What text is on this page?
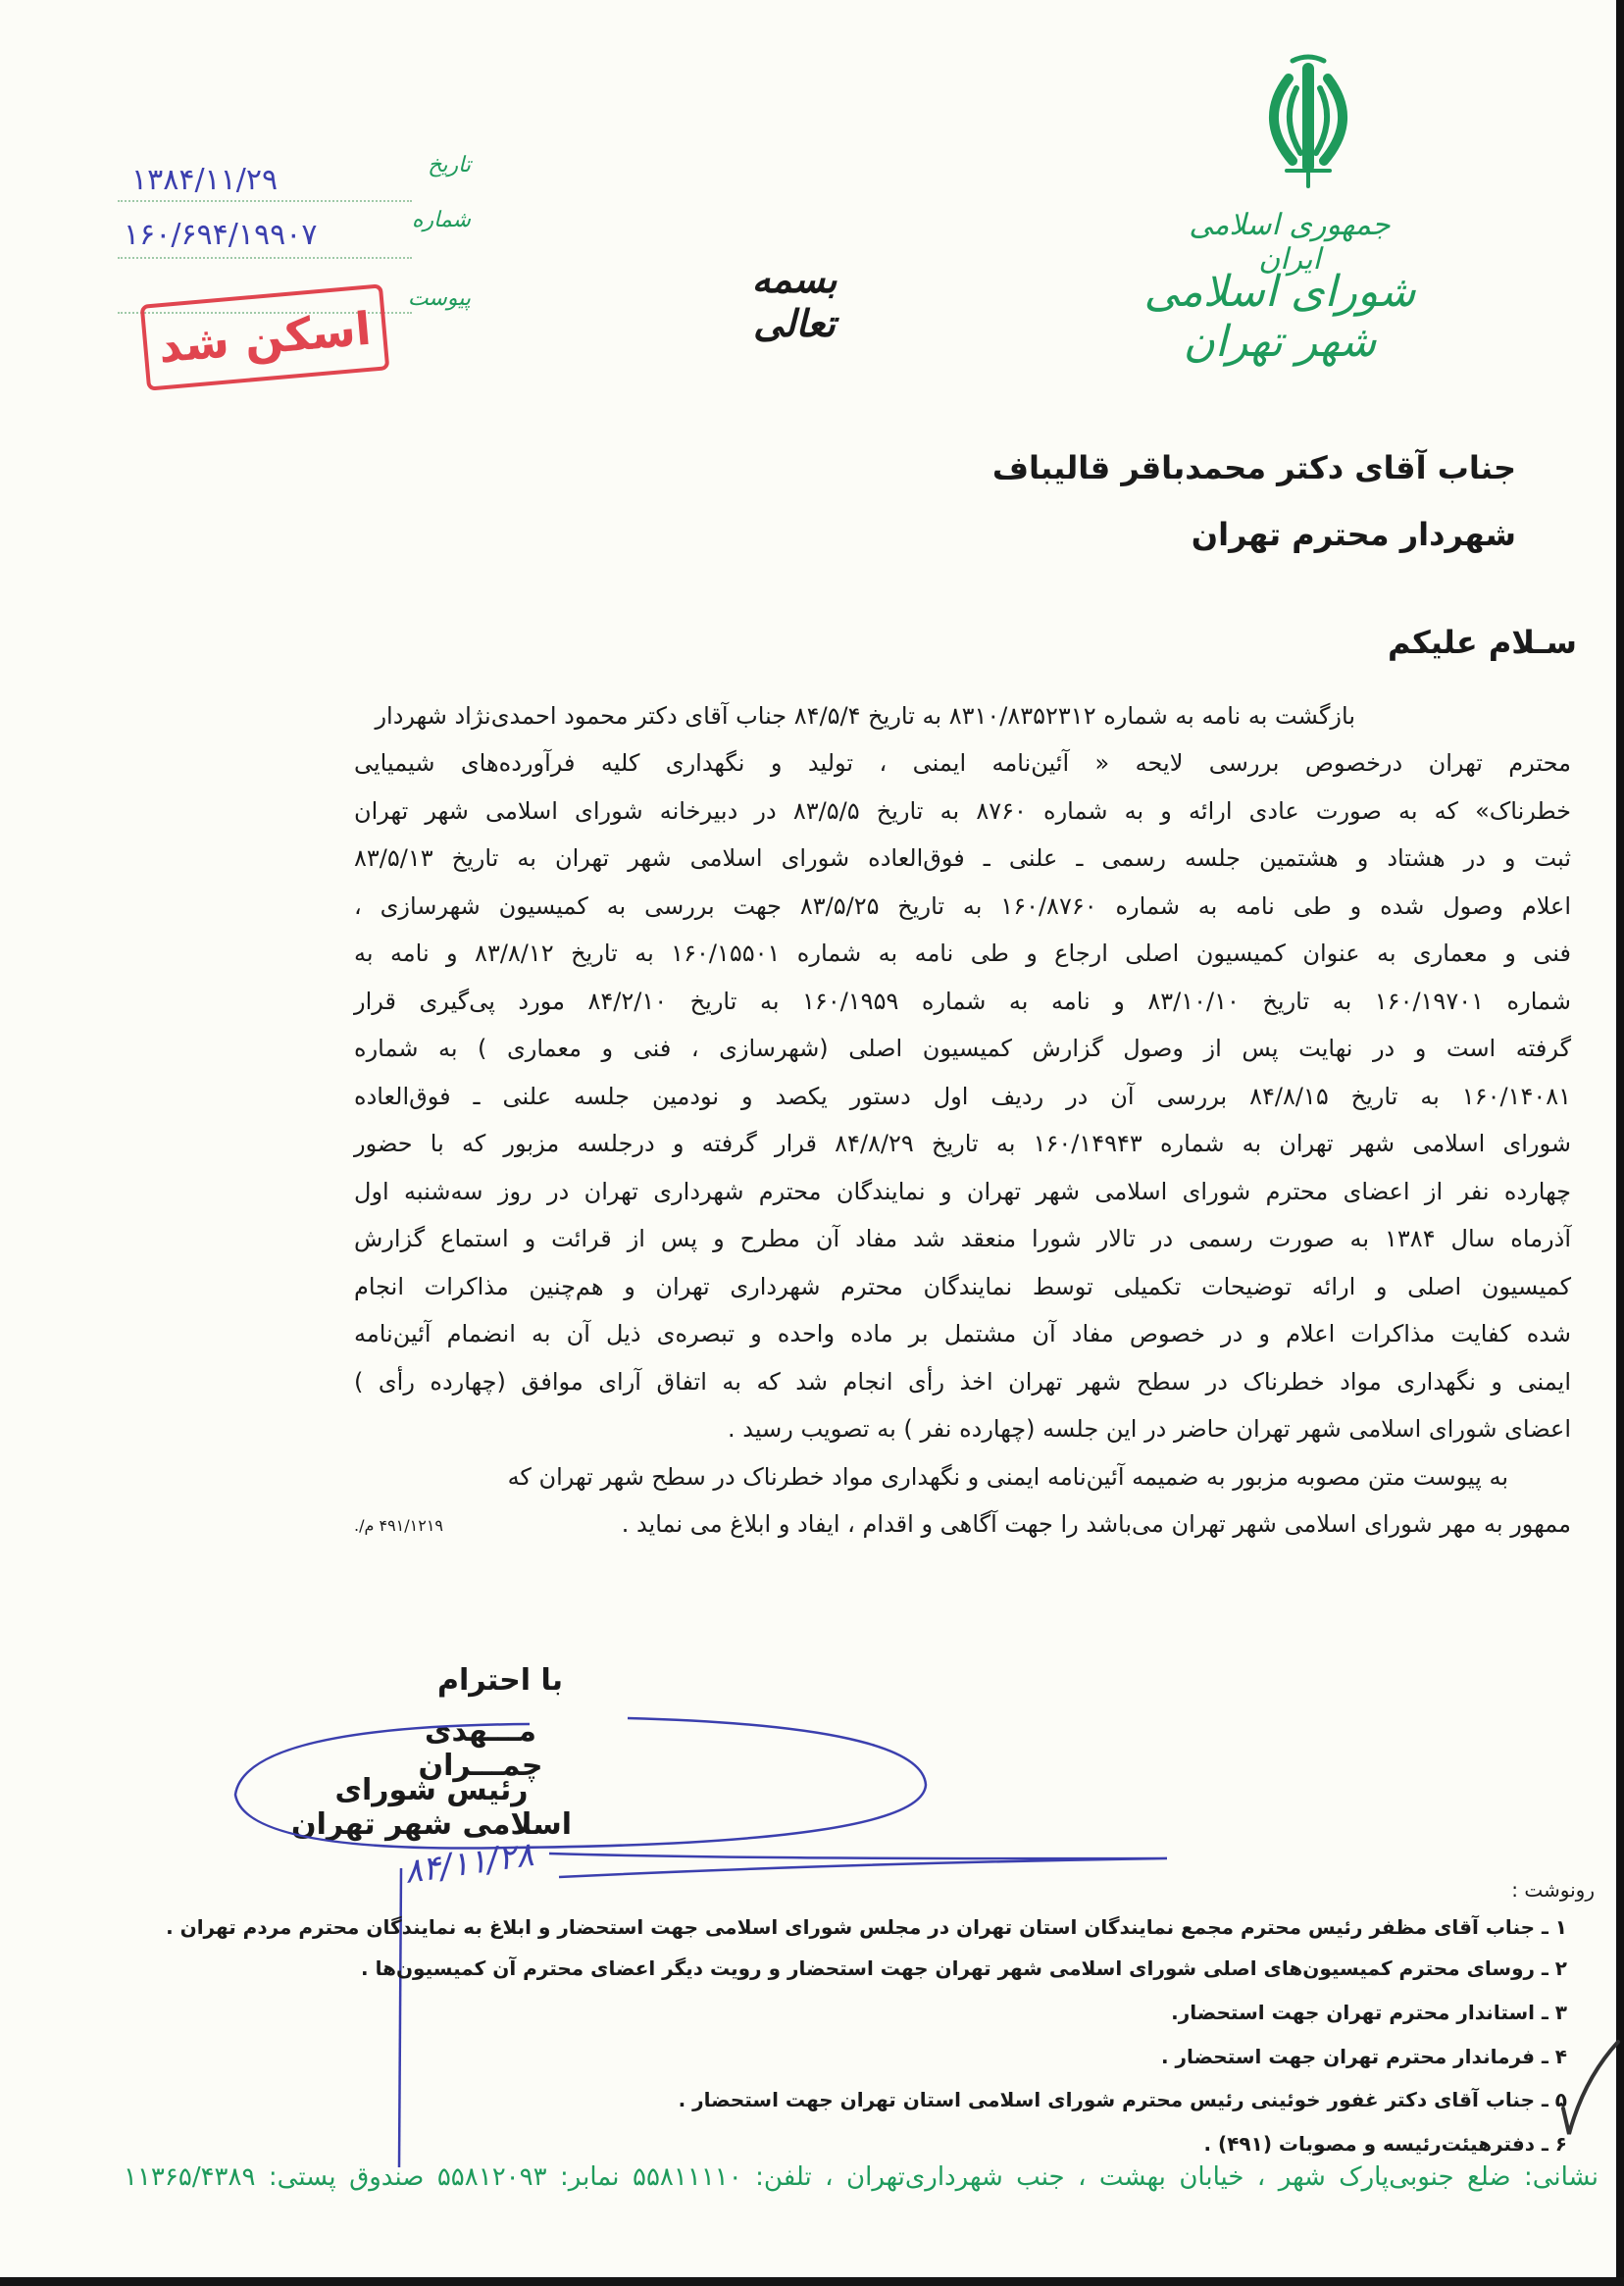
جمهوری اسلامی ایران
شورای اسلامی شهر تهران
بسمه تعالی
تاریخ
شماره
پیوست
۱۳۸۴/۱۱/۲۹
۱۶۰/۶۹۴/۱۹۹۰۷
اسکن شد
جناب آقای دکتر محمدباقر قالیباف
شهردار محترم تهران
سـلام علیکم
بازگشت به نامه به شماره ۸۳۱۰/۸۳۵۲۳۱۲ به تاریخ ۸۴/۵/۴ جناب آقای دکتر محمود احمدی‌نژاد شهردار
محترم تهران درخصوص بررسی لایحه « آئین‌نامه ایمنی ، تولید و نگهداری کلیه فرآورده‌های شیمیایی
خطرناک» که به صورت عادی ارائه و به شماره ۸۷۶۰ به تاریخ ۸۳/۵/۵ در دبیرخانه شورای اسلامی شهر تهران
ثبت و در هشتاد و هشتمین جلسه رسمی ـ علنی ـ فوق‌العاده شورای اسلامی شهر تهران به تاریخ ۸۳/۵/۱۳
اعلام وصول شده و طی نامه به شماره ۱۶۰/۸۷۶۰ به تاریخ ۸۳/۵/۲۵ جهت بررسی به کمیسیون شهرسازی ،
فنی و معماری به عنوان کمیسیون اصلی ارجاع و طی نامه به شماره ۱۶۰/۱۵۵۰۱ به تاریخ ۸۳/۸/۱۲ و نامه به
شماره ۱۶۰/۱۹۷۰۱ به تاریخ ۸۳/۱۰/۱۰ و نامه به شماره ۱۶۰/۱۹۵۹ به تاریخ ۸۴/۲/۱۰ مورد پی‌گیری قرار
گرفته است و در نهایت پس از وصول گزارش کمیسیون اصلی (شهرسازی ، فنی و معماری ) به شماره
۱۶۰/۱۴۰۸۱ به تاریخ ۸۴/۸/۱۵ بررسی آن در ردیف اول دستور یکصد و نودمین جلسه علنی ـ فوق‌العاده
شورای اسلامی شهر تهران به شماره ۱۶۰/۱۴۹۴۳ به تاریخ ۸۴/۸/۲۹ قرار گرفته و درجلسه مزبور که با حضور
چهارده نفر از اعضای محترم شورای اسلامی شهر تهران و نمایندگان محترم شهرداری تهران در روز سه‌شنبه اول
آذرماه سال ۱۳۸۴ به صورت رسمی در تالار شورا منعقد شد مفاد آن مطرح و پس از قرائت و استماع گزارش
کمیسیون اصلی و ارائه توضیحات تکمیلی توسط نمایندگان محترم شهرداری تهران و هم‌چنین مذاکرات انجام
شده کفایت مذاکرات اعلام و در خصوص مفاد آن مشتمل بر ماده واحده و تبصره‌ی ذیل آن به انضمام آئین‌نامه
ایمنی و نگهداری مواد خطرناک در سطح شهر تهران اخذ رأی انجام شد که به اتفاق آرای موافق (چهارده رأی )
اعضای شورای اسلامی شهر تهران حاضر در این جلسه (چهارده نفر ) به تصویب رسید .
به پیوست متن مصوبه مزبور به ضمیمه آئین‌نامه ایمنی و نگهداری مواد خطرناک در سطح شهر تهران که
ممهور به مهر شورای اسلامی شهر تهران می‌باشد را جهت آگاهی و اقدام ، ایفاد و ابلاغ می نماید .
۴۹۱/۱۲۱۹ م/.
با احترام
مـــهدی چمـــران
رئیس شورای اسلامی شهر تهران
۸۴/۱۱/۲۸	رونوشت :
۱ ـ جناب آقای مظفر رئیس محترم مجمع نمایندگان استان تهران در مجلس شورای اسلامی جهت استحضار و ابلاغ به نمایندگان محترم مردم تهران .
۲ ـ روسای محترم کمیسیون‌های اصلی شورای اسلامی شهر تهران جهت استحضار و رویت دیگر اعضای محترم آن کمیسیون‌ها .
۳ ـ استاندار محترم تهران جهت استحضار.
۴ ـ فرماندار محترم تهران جهت استحضار .
۵ ـ جناب آقای دکتر غفور خوئینی رئیس محترم شورای اسلامی استان تهران جهت استحضار .
۶ ـ دفترهیئت‌رئیسه و مصوبات (۴۹۱) .
نشانی: ضلع جنوبی‌پارک شهر ، خیابان بهشت ، جنب شهرداری‌تهران ، تلفن: ۵۵۸۱۱۱۱۰ نمابر: ۵۵۸۱۲۰۹۳ صندوق پستی: ۱۱۳۶۵/۴۳۸۹
